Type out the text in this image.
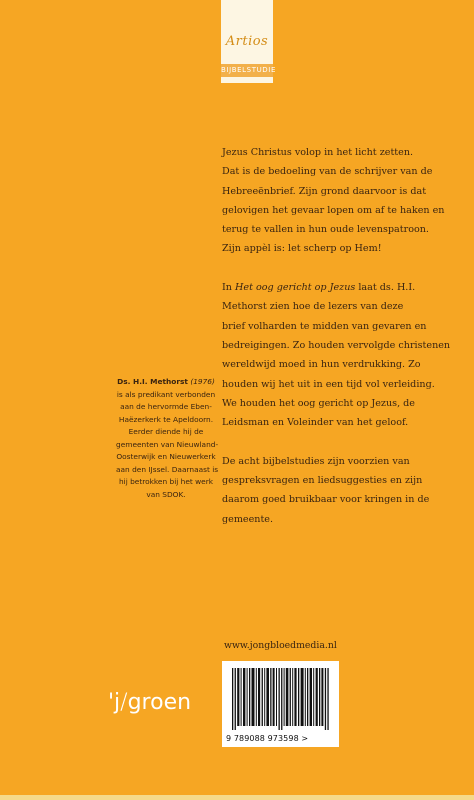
Artios
BIJBELSTUDIE

Jezus Christus volop in het licht zetten.
Dat is de bedoeling van de schrijver van de
Hebreeënbrief. Zijn grond daarvoor is dat
gelovigen het gevaar lopen om af te haken en
terug te vallen in hun oude levenspatroon.
Zijn appèl is: let scherp op Hem!

In Het oog gericht op Jezus laat ds. H.I.
Methorst zien hoe de lezers van deze
brief volharden te midden van gevaren en
bedreigingen. Zo houden vervolgde christenen
wereldwijd moed in hun verdrukking. Zo
houden wij het uit in een tijd vol verleiding.
We houden het oog gericht op Jezus, de
Leidsman en Voleinder van het geloof.

De acht bijbelstudies zijn voorzien van
gespreksvragen en liedsuggesties en zijn
daarom goed bruikbaar voor kringen in de
gemeente.

Ds. H.I. Methorst (1976)
is als predikant verbonden
aan de hervormde Eben-
Haëzerkerk te Apeldoorn.
Eerder diende hij de
gemeenten van Nieuwland-
Oosterwijk en Nieuwerkerk
aan den IJssel. Daarnaast is
hij betrokken bij het werk
van SDOK.
www.jongbloedmedia.nl
9 789088 973598 >
'j/groen
